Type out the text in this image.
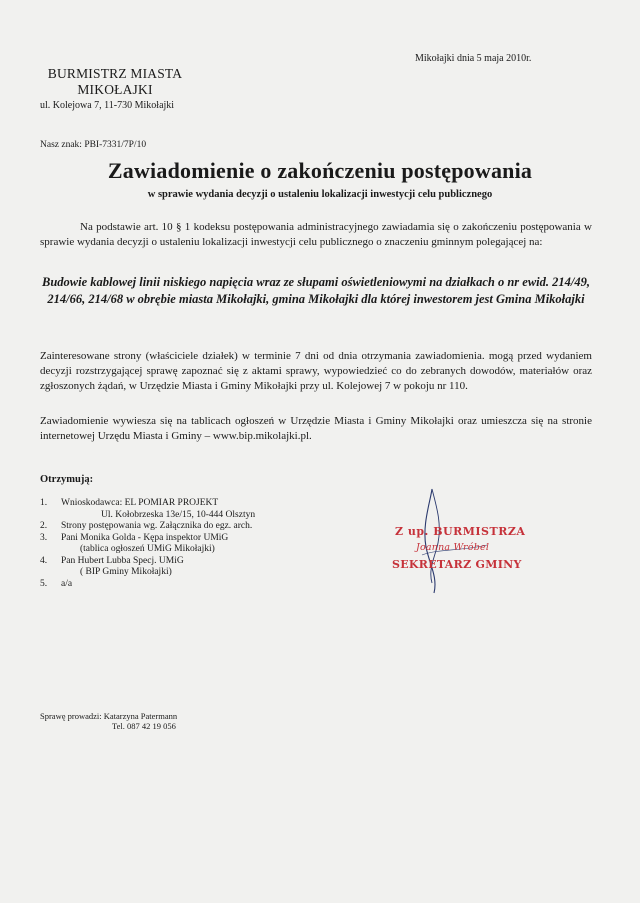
Mikołajki dnia 5 maja 2010r.
BURMISTRZ MIASTA
MIKOŁAJKI
ul. Kolejowa 7, 11-730 Mikołajki
Nasz znak: PBI-7331/7P/10
Zawiadomienie o zakończeniu postępowania
w sprawie wydania decyzji o ustaleniu lokalizacji inwestycji celu publicznego
Na podstawie art. 10 § 1 kodeksu postępowania administracyjnego zawiadamia się o zakończeniu postępowania w sprawie wydania decyzji o ustaleniu lokalizacji inwestycji celu publicznego o znaczeniu gminnym polegającej na:
Budowie kablowej linii niskiego napięcia wraz ze słupami oświetleniowymi na działkach o nr ewid. 214/49, 214/66, 214/68 w obrębie miasta Mikołajki, gmina Mikołajki dla której inwestorem jest Gmina Mikołajki
Zainteresowane strony (właściciele działek) w terminie 7 dni od dnia otrzymania zawiadomienia. mogą przed wydaniem decyzji rozstrzygającej sprawę zapoznać się z aktami sprawy, wypowiedzieć co do zebranych dowodów, materiałów oraz zgłoszonych żądań, w Urzędzie Miasta i Gminy Mikołajki przy ul. Kolejowej 7 w pokoju nr 110.
Zawiadomienie wywiesza się na tablicach ogłoszeń w Urzędzie Miasta i Gminy Mikołajki oraz umieszcza się na stronie internetowej Urzędu Miasta i Gminy – www.bip.mikolajki.pl.
Otrzymują:
1. Wnioskodawca: EL POMIAR PROJEKT
Ul. Kołobrzeska 13e/15, 10-444 Olsztyn
2. Strony postępowania wg. Załącznika do egz. arch.
3. Pani Monika Golda - Kępa inspektor UMiG
(tablica ogłoszeń UMiG Mikołajki)
4. Pan Hubert Lubba Specj. UMiG
( BIP Gminy Mikołajki)
5. a/a
Z up. BURMISTRZA
Joanna Wróbel
SEKRETARZ GMINY
Sprawę prowadzi: Katarzyna Patermann
Tel. 087 42 19 056
